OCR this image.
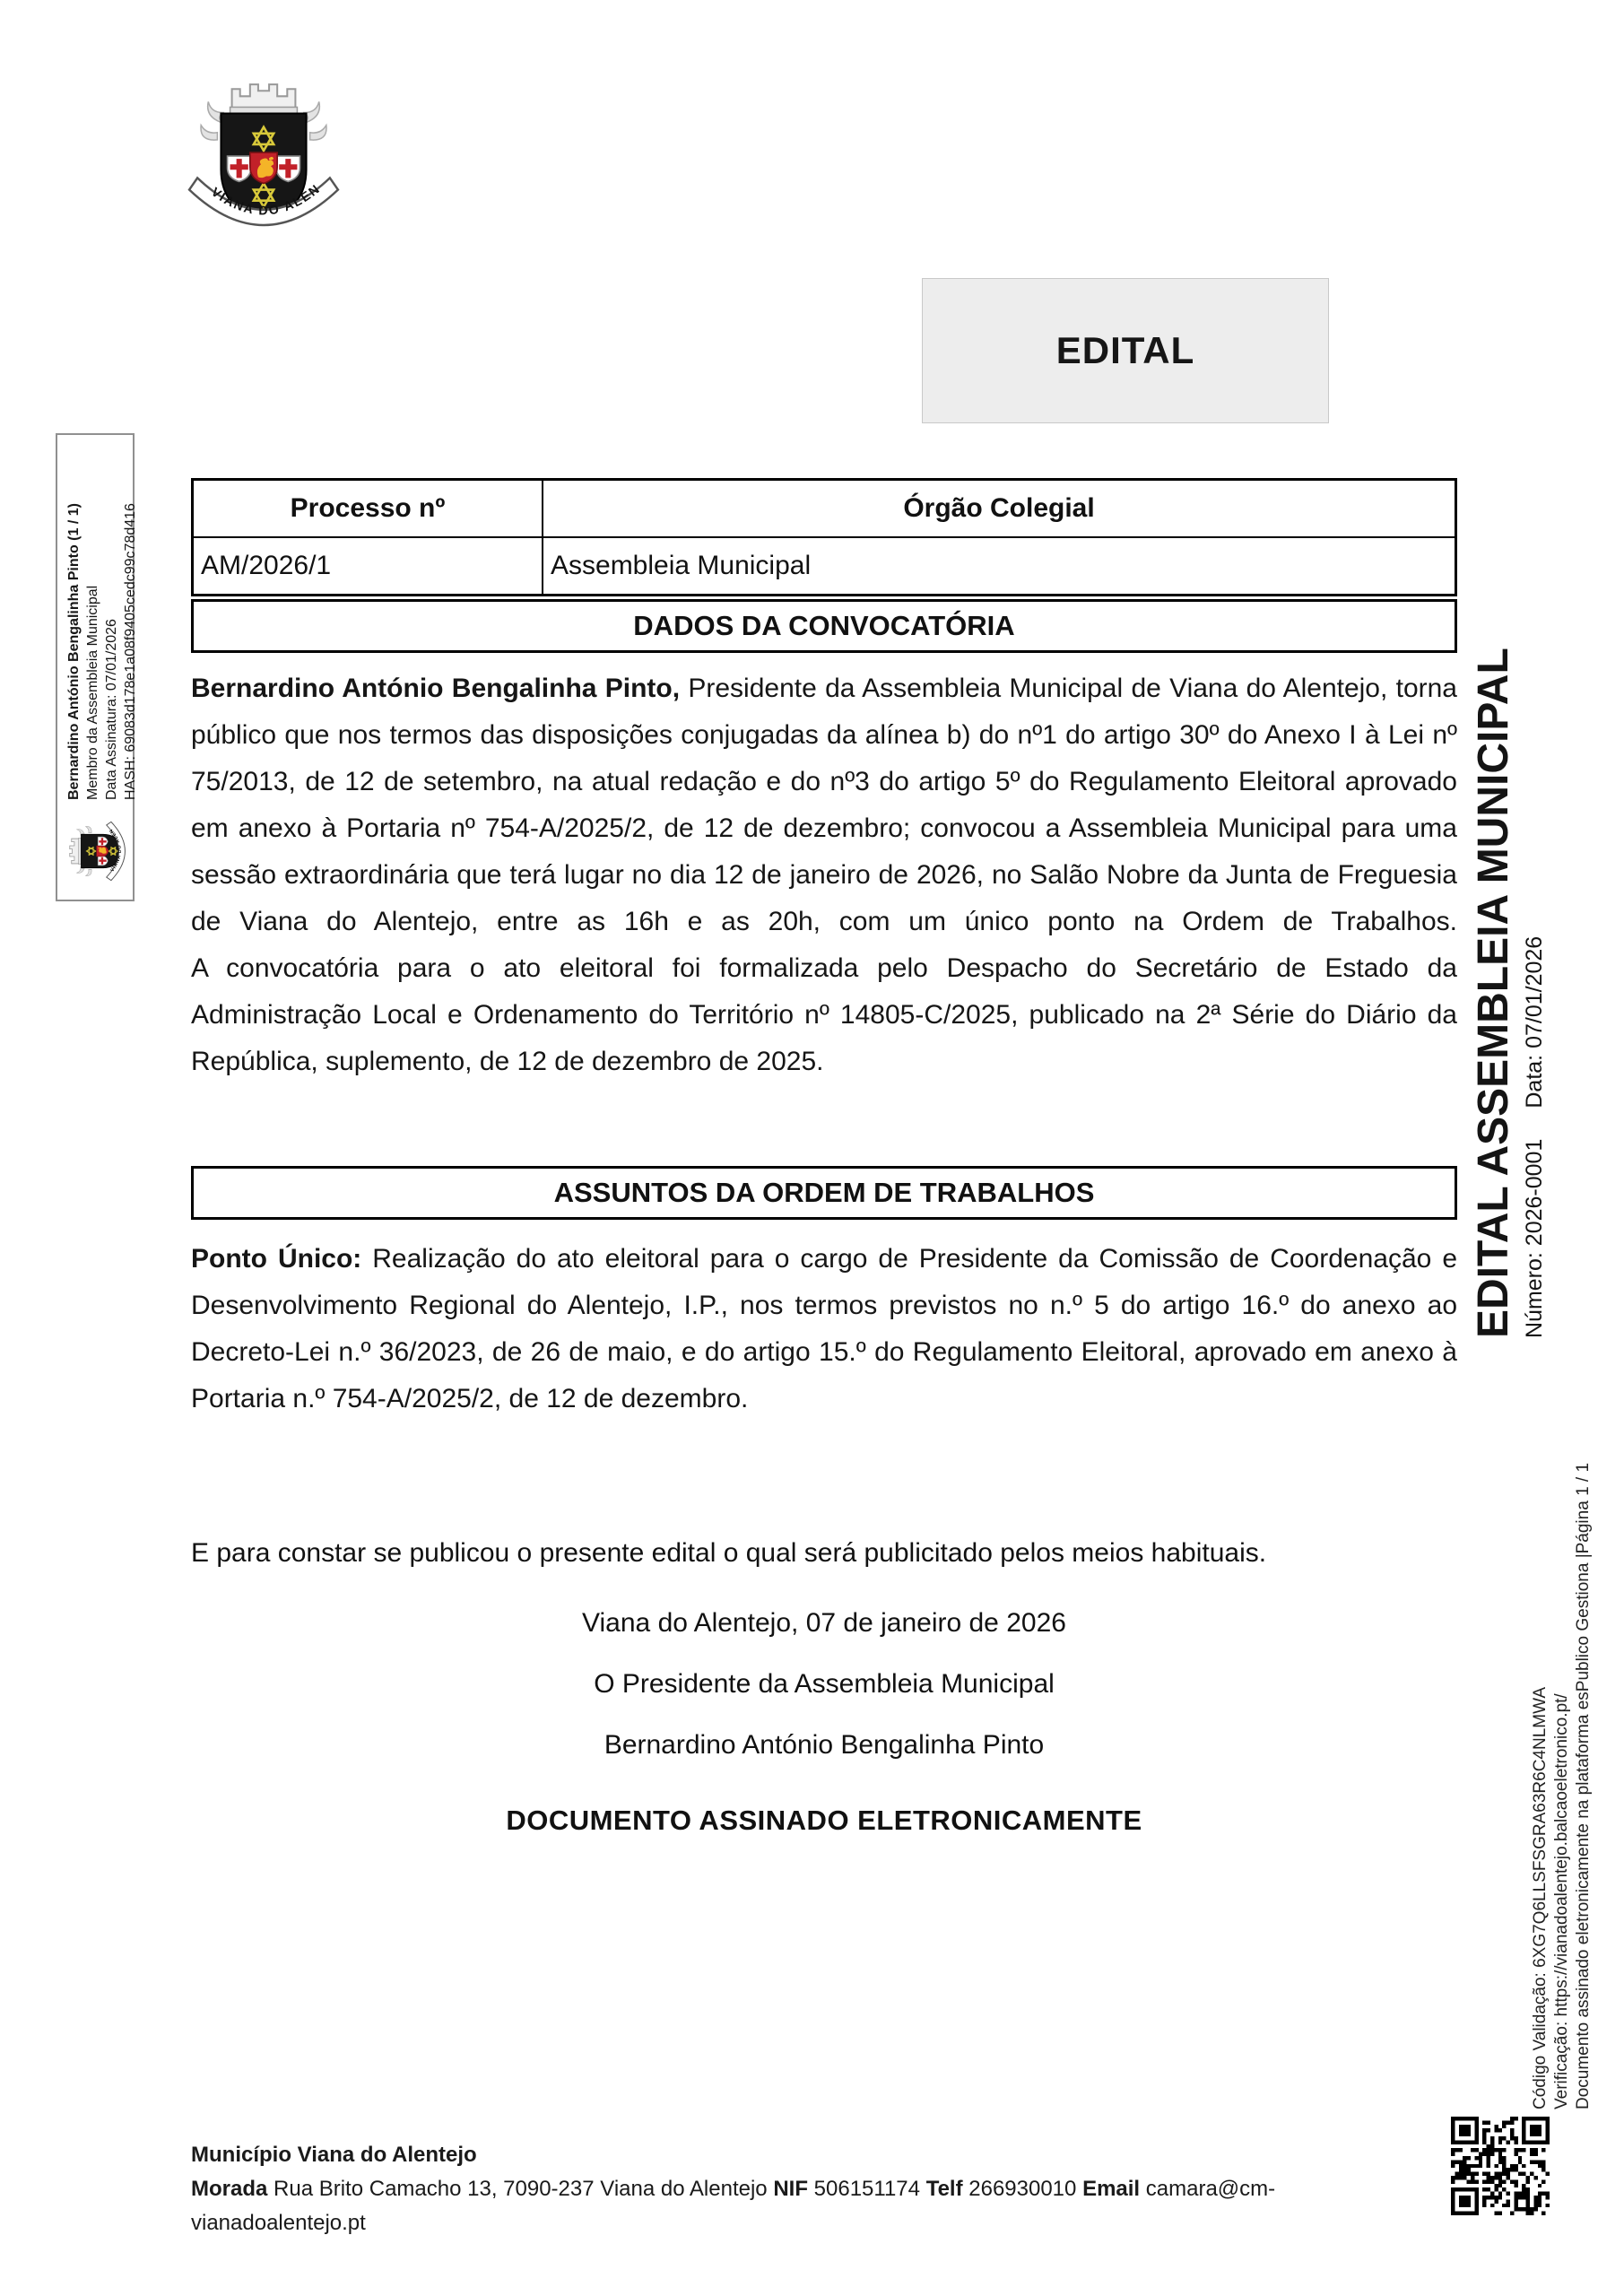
EDITAL
Bernardino António Bengalinha Pinto (1 / 1) Membro da Assembleia Municipal Data Assinatura: 07/01/2026 HASH: 69083d178e1a08f9405cedc99c78d416	Processo nº	Órgão Colegial
AM/2026/1	Assembleia Municipal
DADOS DA CONVOCATÓRIA

Bernardino António Bengalinha Pinto, Presidente da Assembleia Municipal de Viana do Alentejo, torna público que nos termos das disposições conjugadas da alínea b) do nº1 do artigo 30º do Anexo I à Lei nº 75/2013, de 12 de setembro, na atual redação e do nº3 do artigo 5º do Regulamento Eleitoral aprovado em anexo à Portaria nº 754-A/2025/2, de 12 de dezembro; convocou a Assembleia Municipal para uma sessão extraordinária que terá lugar no dia 12 de janeiro de 2026, no Salão Nobre da Junta de Freguesia de Viana do Alentejo, entre as 16h e as 20h, com um único ponto na Ordem de Trabalhos.

A convocatória para o ato eleitoral foi formalizada pelo Despacho do Secretário de Estado da Administração Local e Ordenamento do Território nº 14805-C/2025, publicado na 2ª Série do Diário da República, suplemento, de 12 de dezembro de 2025.

ASSUNTOS DA ORDEM DE TRABALHOS

Ponto Único: Realização do ato eleitoral para o cargo de Presidente da Comissão de Coordenação e Desenvolvimento Regional do Alentejo, I.P., nos termos previstos no n.º 5 do artigo 16.º do anexo ao Decreto-Lei n.º 36/2023, de 26 de maio, e do artigo 15.º do Regulamento Eleitoral, aprovado em anexo à Portaria n.º 754-A/2025/2, de 12 de dezembro.

E para constar se publicou o presente edital o qual será publicitado pelos meios habituais.
Viana do Alentejo, 07 de janeiro de 2026
O Presidente da Assembleia Municipal
Bernardino António Bengalinha Pinto
DOCUMENTO ASSINADO ELETRONICAMENTE
EDITAL ASSEMBLEIA MUNICIPAL Número: 2026-0001Data: 07/01/2026
Código Validação: 6XG7Q6LLSFSGRA63R6C4NLMWA Verificação: https://vianadoalentejo.balcaoeletronico.pt/ Documento assinado eletronicamente na plataforma esPublico Gestiona |Página 1 / 1
Município Viana do Alentejo
Morada Rua Brito Camacho 13, 7090-237 Viana do Alentejo NIF 506151174 Telf 266930010 Email camara@cm-vianadoalentejo.pt
